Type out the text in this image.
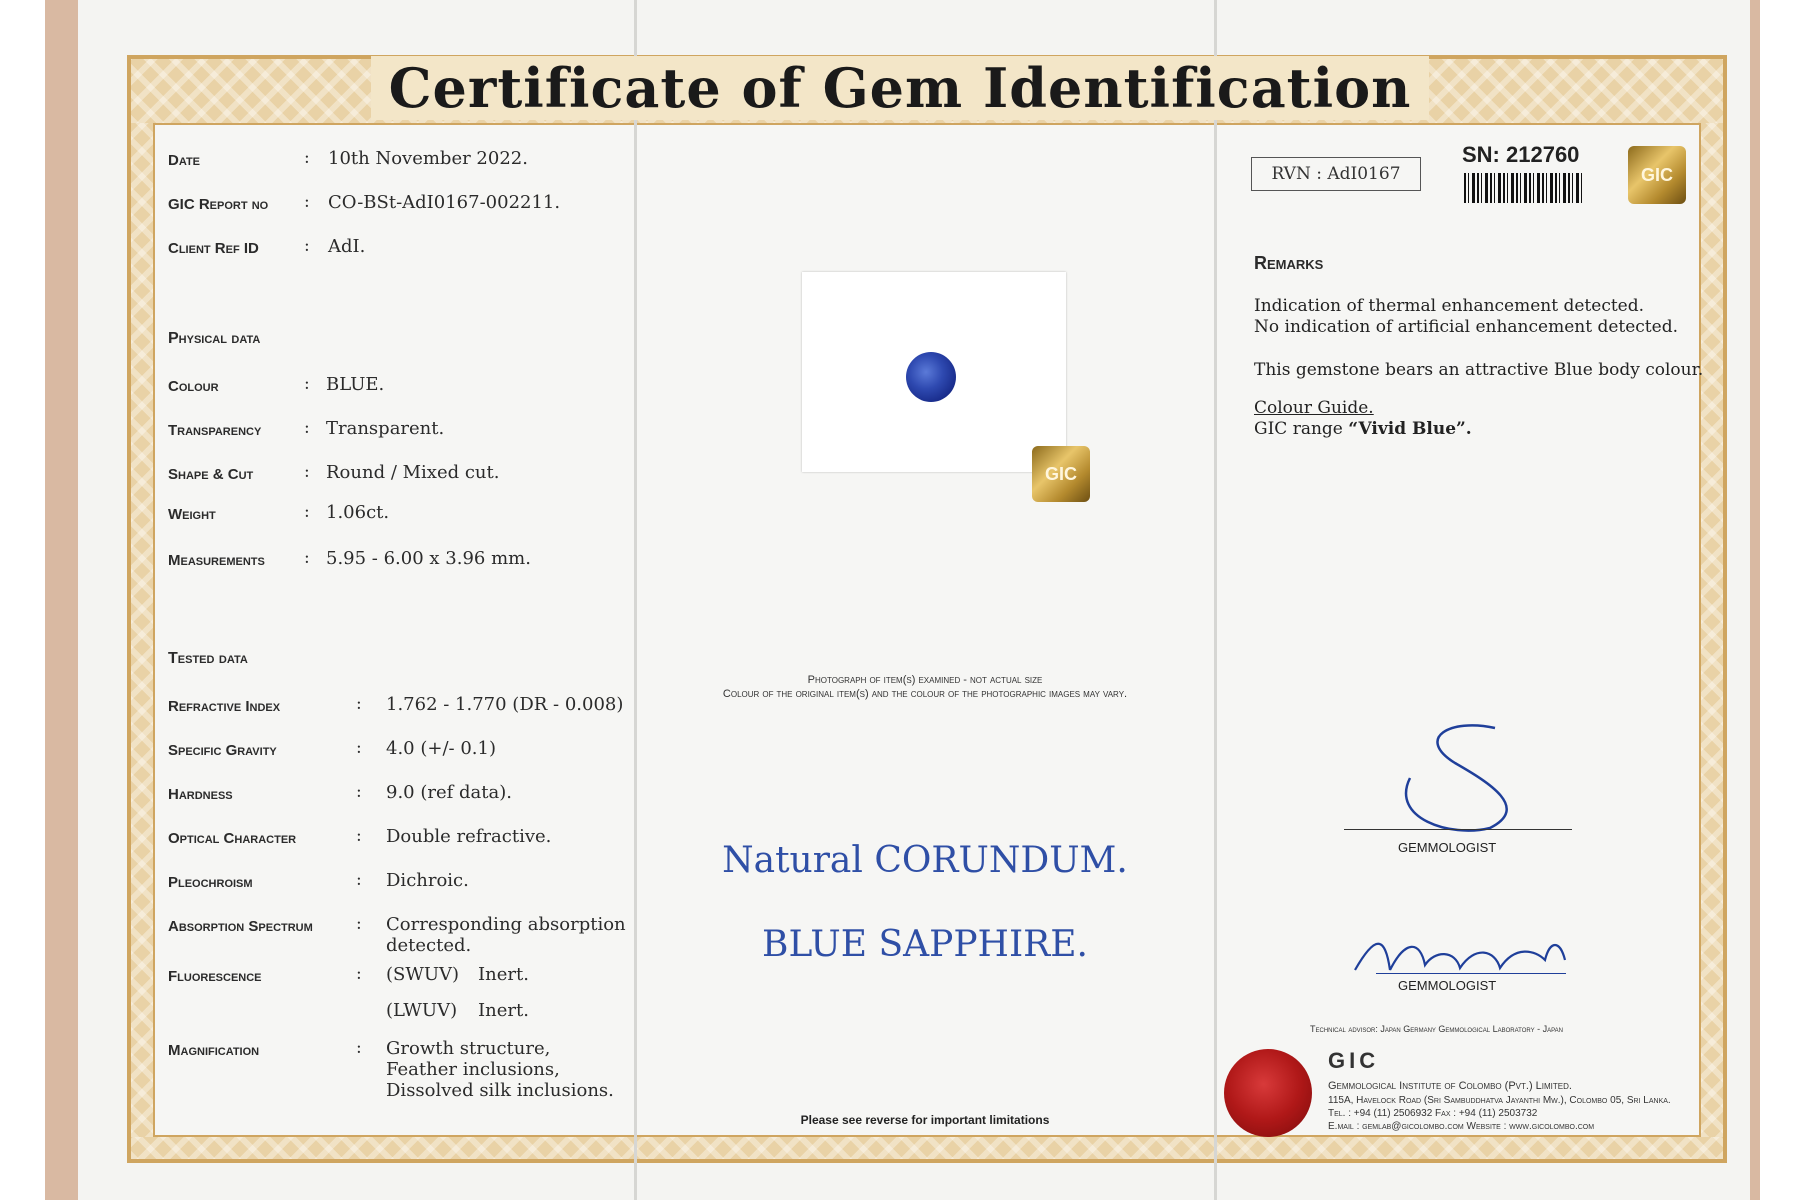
Certificate of Gem Identification
Date	: 10th November 2022.
GIC Report no : CO-BSt-AdI0167-002211.
Client Ref ID	: AdI.
Physical data
Colour	: BLUE.
Transparency	: Transparent.
Shape & Cut	: Round / Mixed cut.
Weight	: 1.06ct.
Measurements : 5.95 - 6.00 x 3.96 mm.
Tested data
Refractive Index	: 1.762 - 1.770 (DR - 0.008)
Specific Gravity	: 4.0 (+/- 0.1)
Hardness	: 9.0 (ref data).
Optical Character	: Double refractive.
Pleochroism	: Dichroic.
Absorption Spectrum	: Corresponding absorption
detected.
Fluorescence	: (SWUV) Inert.
(LWUV) Inert.
Magnification	: Growth structure,
Feather inclusions,
Dissolved silk inclusions.
GIC
Photograph of item(s) examined - not actual size
Colour of the original item(s) and the colour of the photographic images may vary.
Natural CORUNDUM.
BLUE SAPPHIRE.
Please see reverse for important limitations
RVN : AdI0167
SN: 212760
GIC
Remarks
Indication of thermal enhancement detected.
No indication of artificial enhancement detected.
This gemstone bears an attractive Blue body colour.
Colour Guide.
GIC range “Vivid Blue”.
GEMMOLOGIST
GEMMOLOGIST
Technical advisor: Japan Germany Gemmological Laboratory - Japan
GIC
Gemmological Institute of Colombo (Pvt.) Limited.
115A, Havelock Road (Sri Sambuddhatva Jayanthi Mw.), Colombo 05, Sri Lanka.
Tel. : +94 (11) 2506932 Fax : +94 (11) 2503732
E.mail : gemlab@gicolombo.com Website : www.gicolombo.com
